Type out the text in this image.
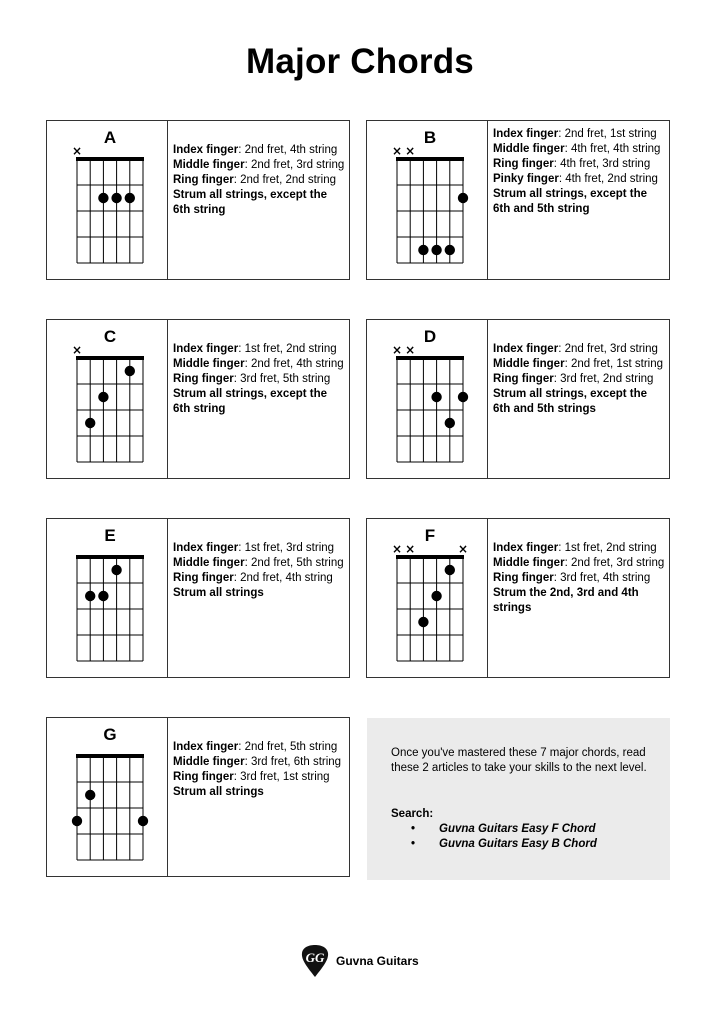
Major Chords
A
×	Index finger: 2nd fret, 4th string
Middle finger: 2nd fret, 3rd string
Ring finger: 2nd fret, 2nd string
Strum all strings, except the 6th string
B
× ×
Index finger: 2nd fret, 1st string
Middle finger: 4th fret, 4th string
Ring finger: 4th fret, 3rd string
Pinky finger: 4th fret, 2nd string
Strum all strings, except the 6th and 5th string
C
×	Index finger: 1st fret, 2nd string
Middle finger: 2nd fret, 4th string
Ring finger: 3rd fret, 5th string
Strum all strings, except the 6th string
D
× ×	Index finger: 2nd fret, 3rd string
Middle finger: 2nd fret, 1st string
Ring finger: 3rd fret, 2nd string
Strum all strings, except the 6th and 5th strings
E
Index finger: 1st fret, 3rd string
Middle finger: 2nd fret, 5th string
Ring finger: 2nd fret, 4th string
Strum all strings
F
× ×	× Index finger: 1st fret, 2nd string
Middle finger: 2nd fret, 3rd string
Ring finger: 3rd fret, 4th string
Strum the 2nd, 3rd and 4th strings
G
Index finger: 2nd fret, 5th string
Middle finger: 3rd fret, 6th string
Ring finger: 3rd fret, 1st string
Strum all strings
Once you've mastered these 7 major chords, read these 2 articles to take your skills to the next level.
Search:
• Guvna Guitars Easy F Chord
• Guvna Guitars Easy B Chord
GG Guvna Guitars
